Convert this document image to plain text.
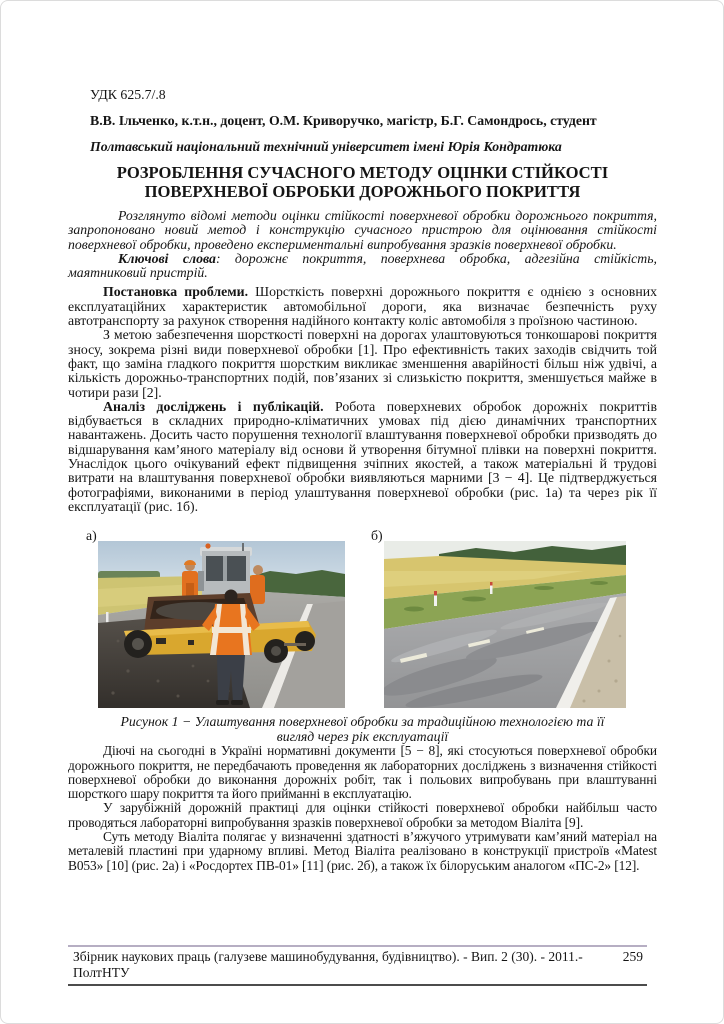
УДК 625.7/.8
В.В. Ільченко, к.т.н., доцент, О.М. Криворучко, магістр, Б.Г. Самондрось, студент
Полтавський національний технічний університет імені Юрія Кондратюка
РОЗРОБЛЕННЯ СУЧАСНОГО МЕТОДУ ОЦІНКИ СТІЙКОСТІ
ПОВЕРХНЕВОЇ ОБРОБКИ ДОРОЖНЬОГО ПОКРИТТЯ

Розглянуто відомі методи оцінки стійкості поверхневої обробки дорожнього покриття, запропоновано новий метод і конструкцію сучасного пристрою для оцінювання стійкості поверхневої обробки, проведено експериментальні випробування зразків поверхневої обробки.

Ключові слова: дорожнє покриття, поверхнева обробка, адгезійна стійкість, маятниковий пристрій.

Постановка проблеми. Шорсткість поверхні дорожнього покриття є однією з основних експлуатаційних характеристик автомобільної дороги, яка визначає безпечність руху автотранспорту за рахунок створення надійного контакту коліс автомобіля з проїзною частиною.

З метою забезпечення шорсткості поверхні на дорогах улаштовуються тонкошарові покриття зносу, зокрема різні види поверхневої обробки [1]. Про ефективність таких заходів свідчить той факт, що заміна гладкого покриття шорстким викликає зменшення аварійності більш ніж удвічі, а кількість дорожньо-транспортних подій, пов’язаних зі слизькістю покриття, зменшується майже в чотири рази [2].

Аналіз досліджень і публікацій. Робота поверхневих обробок дорожніх покриттів відбувається в складних природно-кліматичних умовах під дією динамічних транспортних навантажень. Досить часто порушення технології влаштування поверхневої обробки призводять до відшарування кам’яного матеріалу від основи й утворення бітумної плівки на поверхні покриття. Унаслідок цього очікуваний ефект підвищення зчіпних якостей, а також матеріальні й трудові витрати на влаштування поверхневої обробки виявляються марними [3 − 4]. Це підтверджується фотографіями, виконаними в період улаштування поверхневої обробки (рис. 1а) та через рік її експлуатації (рис. 1б).

а)	б)
Рисунок 1 − Улаштування поверхневої обробки за традиційною технологією та її вигляд через рік експлуатації

Діючі на сьогодні в Україні нормативні документи [5 − 8], які стосуються поверхневої обробки дорожнього покриття, не передбачають проведення як лабораторних досліджень з визначення стійкості поверхневої обробки до виконання дорожніх робіт, так і польових випробувань при влаштуванні шорсткого шару покриття та його прийманні в експлуатацію.

У зарубіжній дорожній практиці для оцінки стійкості поверхневої обробки найбільш часто проводяться лабораторні випробування зразків поверхневої обробки за методом Віаліта [9].

Суть методу Віаліта полягає у визначенні здатності в’яжучого утримувати кам’яний матеріал на металевій пластині при ударному впливі. Метод Віаліта реалізовано в конструкції пристроїв «Matest B053» [10] (рис. 2а) і «Росдортех ПВ-01» [11] (рис. 2б), а також їх білоруським аналогом «ПС-2» [12].

Збірник наукових праць (галузеве машинобудування, будівництво). - Вип. 2 (30). - 2011.-ПолтНТУ
259
